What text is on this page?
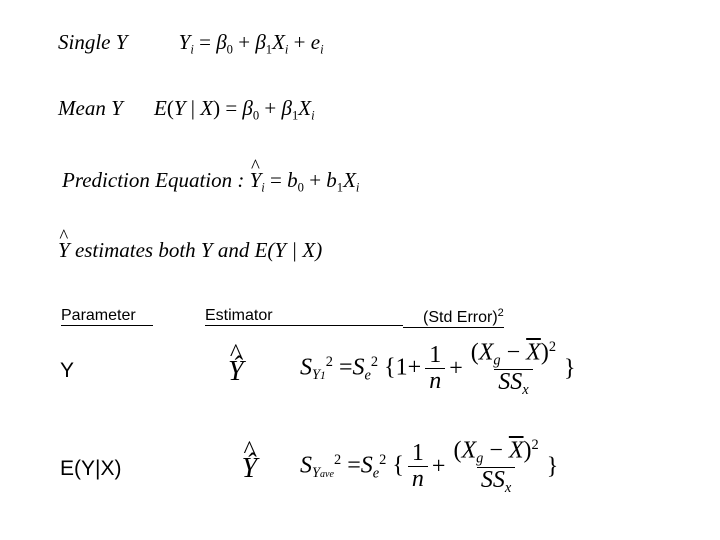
Single Y $Y_i = \beta_0 + \beta_1X_i + e_i$
Mean Y E(Y | $X) = \beta_0 + \beta_1X_i$
Prediction Equation : ^ $Y_i = b_0 + b_1X_i$
^ Y estimates both Y and E(Y | X)
Parameter	Estimator	(Std Error)$^2$
Y	^ Ŷ $S_{Y1}^2 =S_e^2$ {$1+ \frac{1}{n} + \frac{(X_g - \overline{X})^2}{SS_x}$ }
E(Y|X)	^ Ŷ $S_{Yave}^2 =S_e^2$ { $\frac{1}{n} + \frac{(X_g - \overline{X})^2}{SS_x}$ }
